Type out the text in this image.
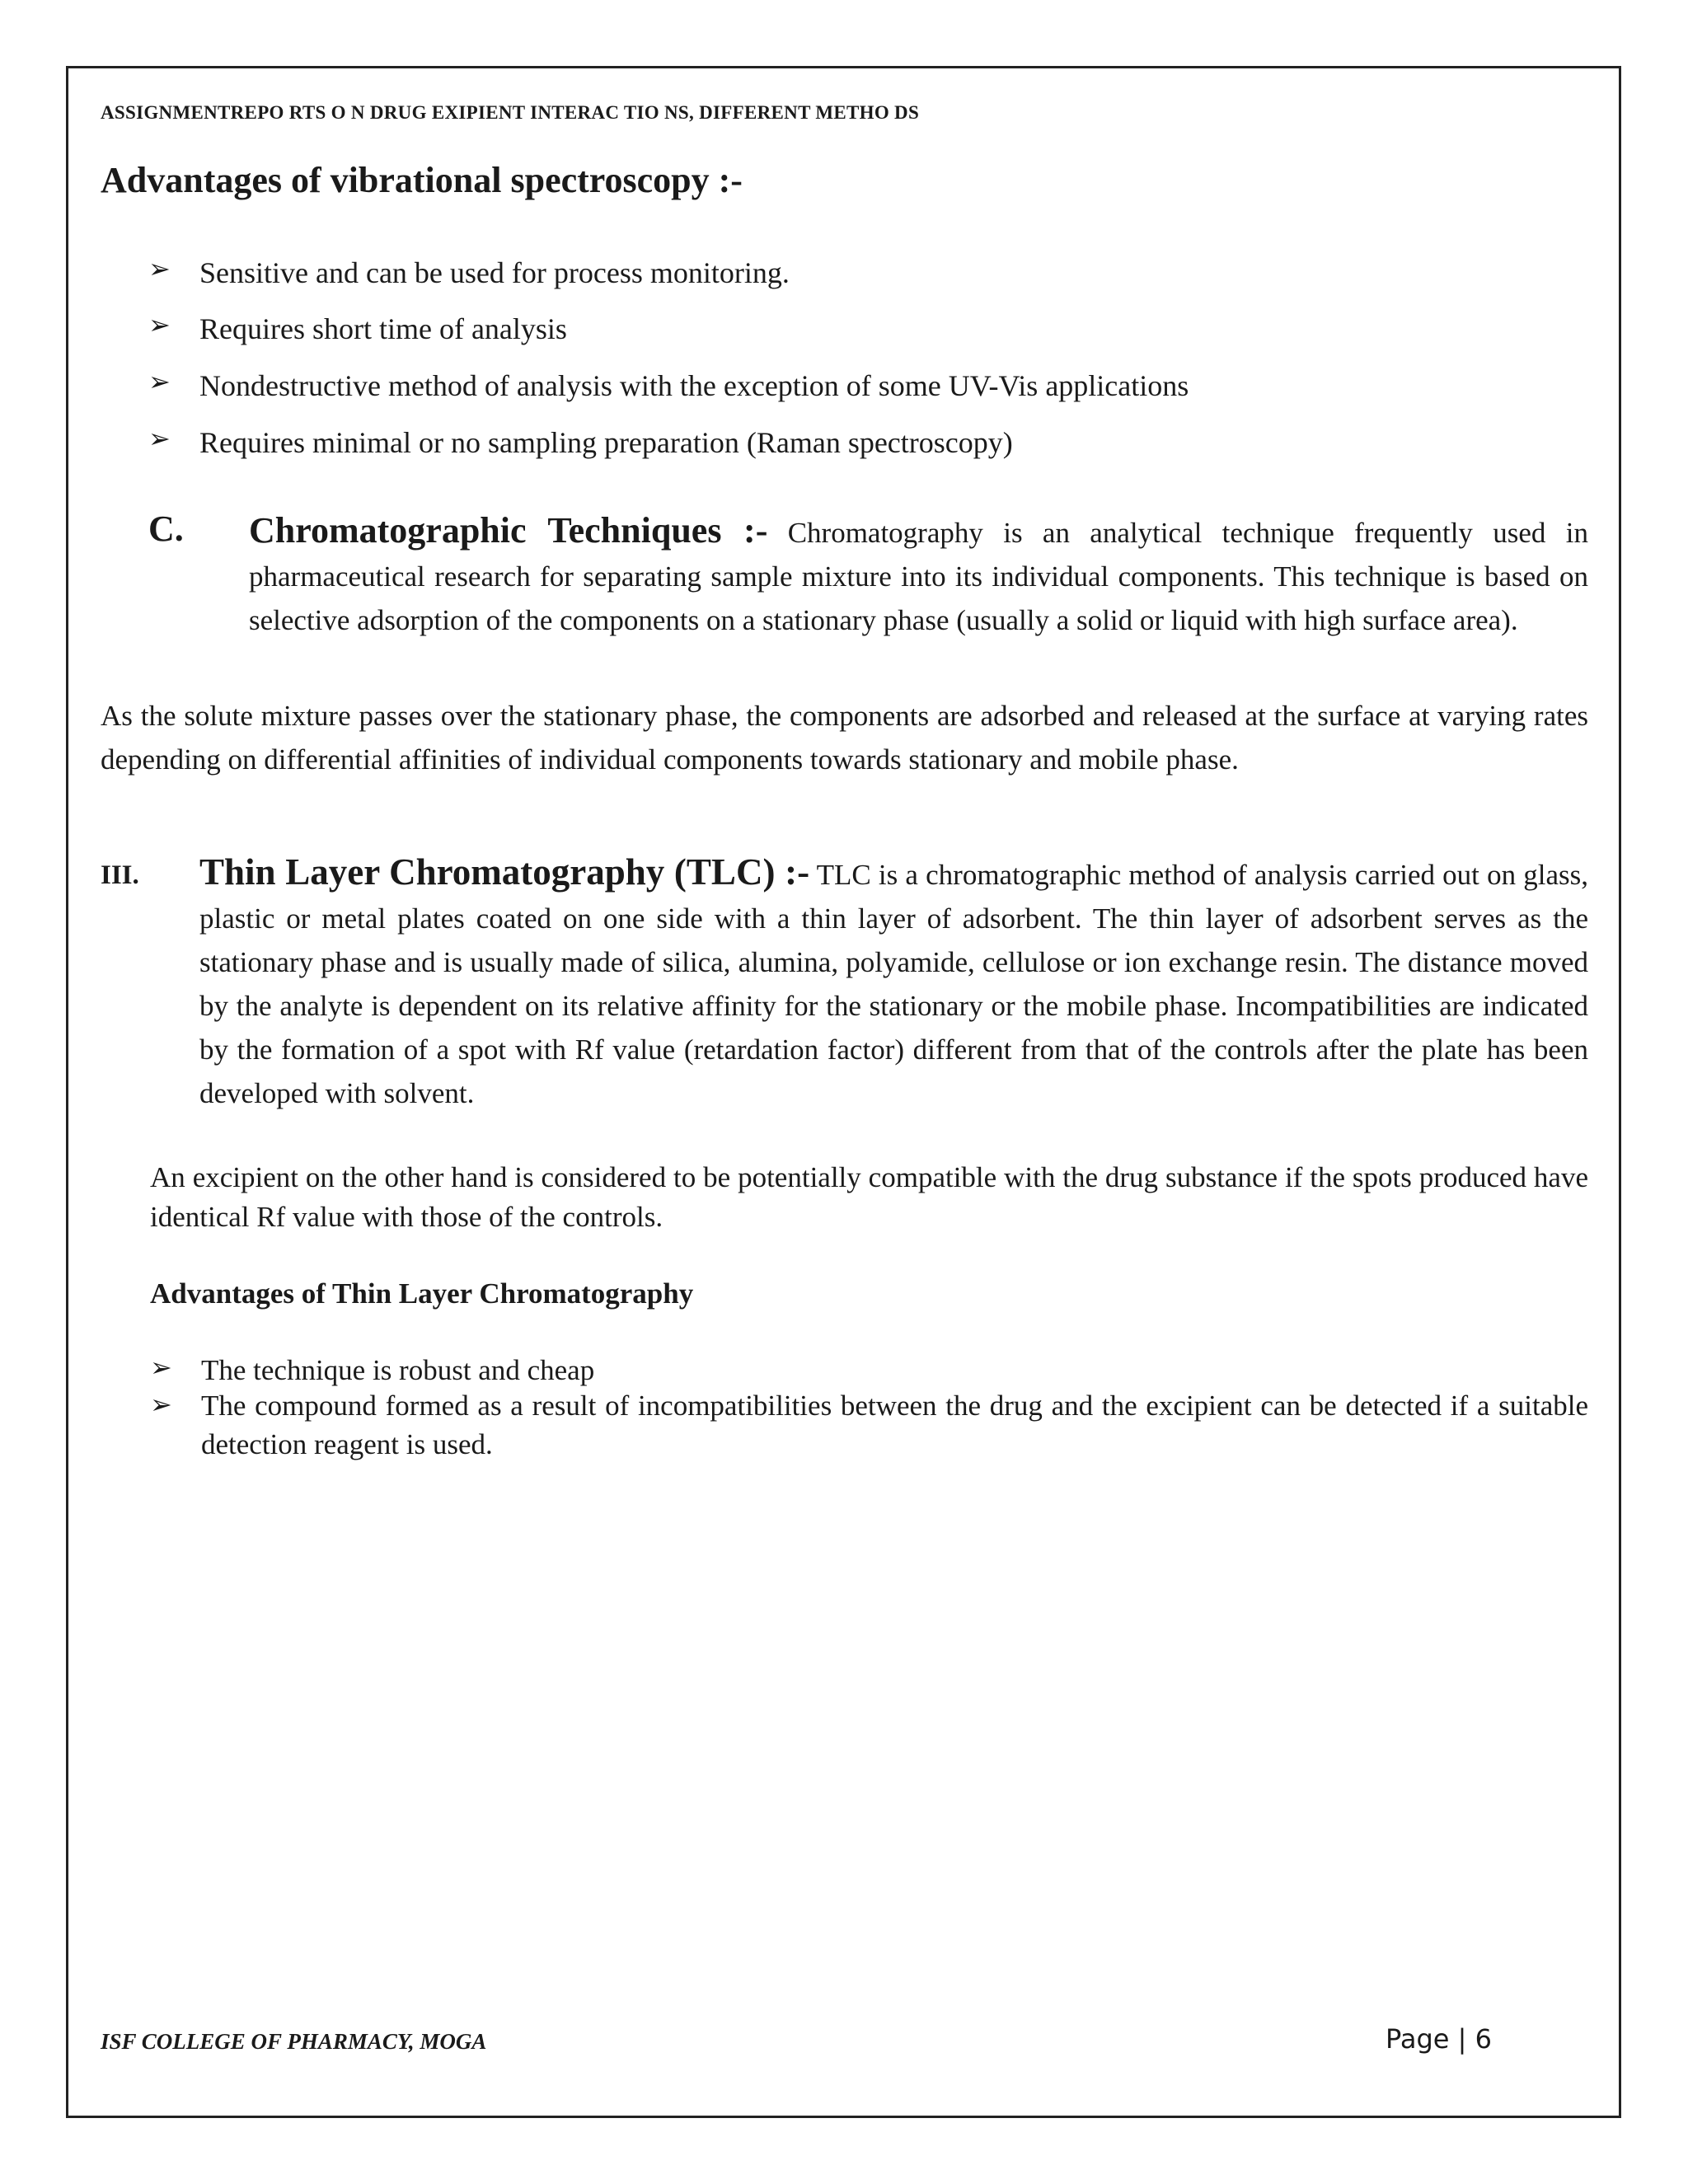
ASSIGNMENTREPO RTS O N DRUG EXIPIENT INTERAC TIO NS, DIFFERENT METHO DS
Advantages of vibrational spectroscopy :-
➢ Sensitive and can be used for process monitoring.
➢ Requires short time of analysis
➢ Nondestructive method of analysis with the exception of some UV-Vis applications
➢ Requires minimal or no sampling preparation (Raman spectroscopy)
C. Chromatographic Techniques :- Chromatography is an analytical technique frequently used in pharmaceutical research for separating sample mixture into its individual components. This technique is based on selective adsorption of the components on a stationary phase (usually a solid or liquid with high surface area).
As the solute mixture passes over the stationary phase, the components are adsorbed and released at the surface at varying rates depending on differential affinities of individual components towards stationary and mobile phase.
III. Thin Layer Chromatography (TLC) :- TLC is a chromatographic method of analysis carried out on glass, plastic or metal plates coated on one side with a thin layer of adsorbent. The thin layer of adsorbent serves as the stationary phase and is usually made of silica, alumina, polyamide, cellulose or ion exchange resin. The distance moved by the analyte is dependent on its relative affinity for the stationary or the mobile phase. Incompatibilities are indicated by the formation of a spot with Rf value (retardation factor) different from that of the controls after the plate has been developed with solvent.
An excipient on the other hand is considered to be potentially compatible with the drug substance if the spots produced have identical Rf value with those of the controls.
Advantages of Thin Layer Chromatography
➢ The technique is robust and cheap
➢ The compound formed as a result of incompatibilities between the drug and the excipient can be detected if a suitable detection reagent is used.
ISF COLLEGE OF PHARMACY, MOGA	Page | 6
